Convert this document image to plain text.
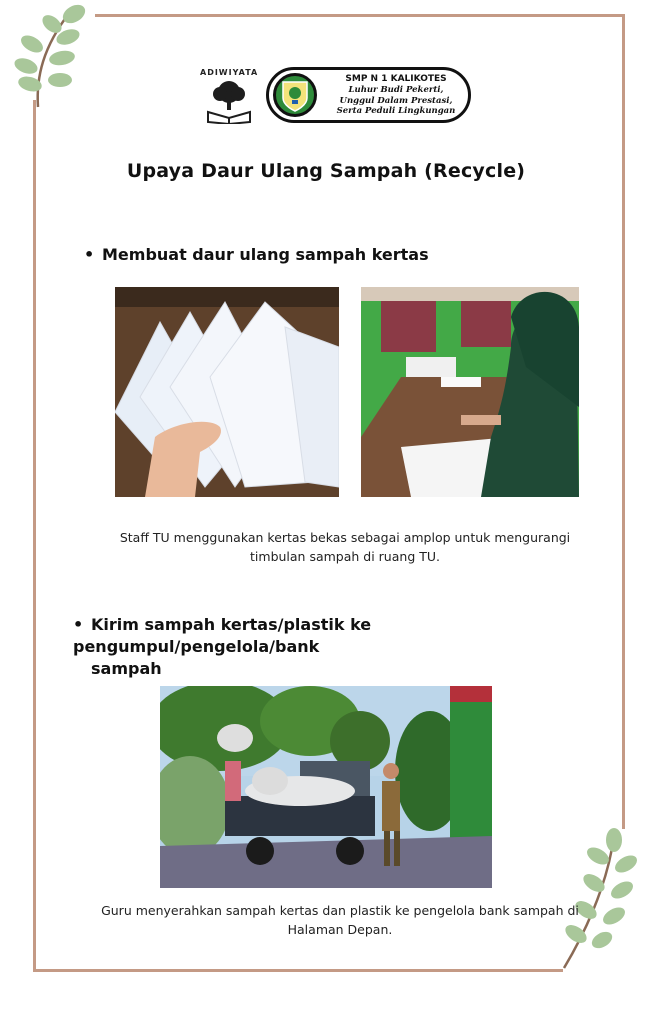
ADIWIYATA
SMP N 1 KALIKOTES
Luhur Budi Pekerti,
Unggul Dalam Prestasi,
Serta Peduli Lingkungan
Upaya Daur Ulang Sampah (Recycle)
• Membuat daur ulang sampah kertas
Staff TU menggunakan kertas bekas sebagai amplop untuk mengurangi
timbulan sampah di ruang TU.
• Kirim sampah kertas/plastik ke pengumpul/pengelola/bank
sampah
Guru menyerahkan sampah kertas dan plastik ke pengelola bank sampah di
Halaman Depan.
